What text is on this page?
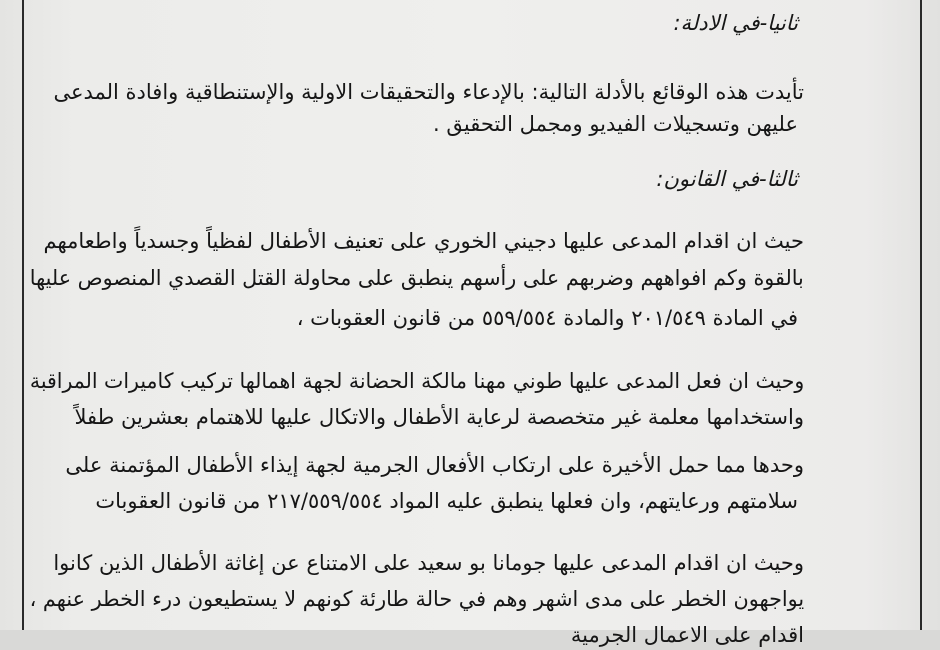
ثانيا-في الادلة:
تأيدت هذه الوقائع بالأدلة التالية: بالإدعاء والتحقيقات الاولية والإستنطاقية وافادة المدعى
عليهن وتسجيلات الفيديو ومجمل التحقيق .
ثالثا-في القانون:
حيث ان اقدام المدعى عليها دجيني الخوري على تعنيف الأطفال لفظياً وجسدياً واطعامهم
بالقوة وكم افواههم وضربهم على رأسهم ينطبق على محاولة القتل القصدي المنصوص عليها
في المادة ٢٠١/٥٤٩ والمادة ٥٥٩/٥٥٤ من قانون العقوبات ،
وحيث ان فعل المدعى عليها طوني مهنا مالكة الحضانة لجهة اهمالها تركيب كاميرات المراقبة
واستخدامها معلمة غير متخصصة لرعاية الأطفال والاتكال عليها للاهتمام بعشرين طفلاً
وحدها مما حمل الأخيرة على ارتكاب الأفعال الجرمية لجهة إيذاء الأطفال المؤتمنة على
سلامتهم ورعايتهم، وان فعلها ينطبق عليه المواد ٢١٧/٥٥٩/٥٥٤ من قانون العقوبات
وحيث ان اقدام المدعى عليها جومانا بو سعيد على الامتناع عن إغاثة الأطفال الذين كانوا
يواجهون الخطر على مدى اشهر وهم في حالة طارئة كونهم لا يستطيعون درء الخطر عنهم ،
اقدام على الاعمال الجرمية
